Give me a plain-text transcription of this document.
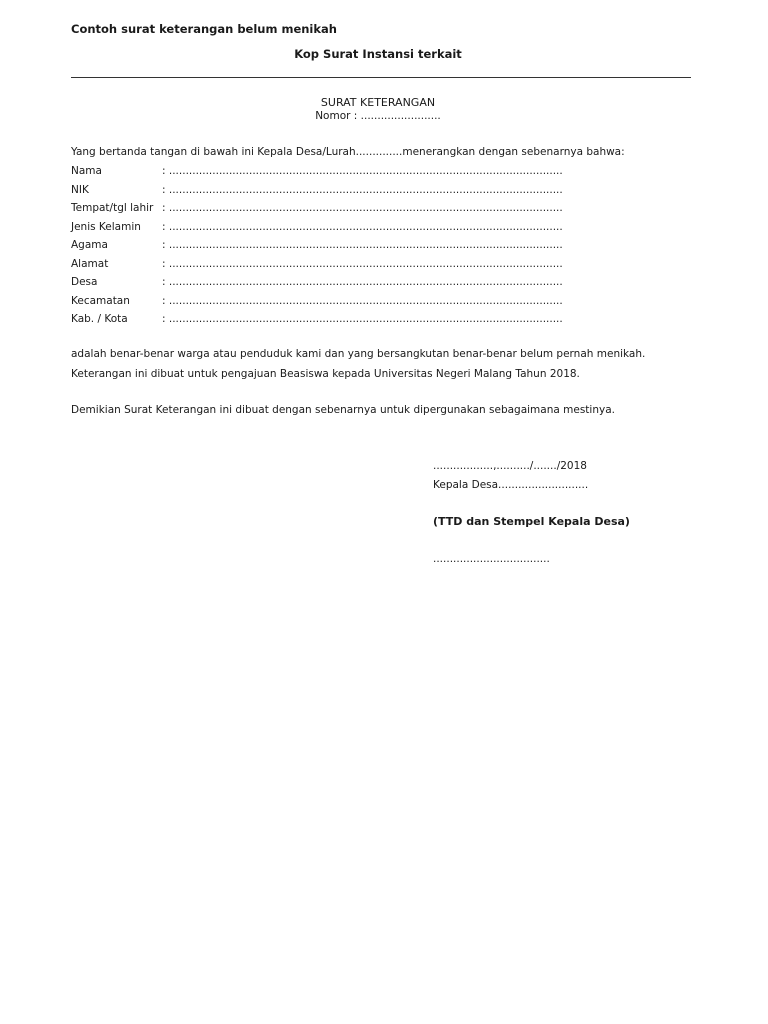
Contoh surat keterangan belum menikah
Kop Surat Instansi terkait
SURAT KETERANGAN
Nomor : ........................
Yang bertanda tangan di bawah ini Kepala Desa/Lurah..............menerangkan dengan sebenarnya bahwa:
Nama	: ......................................................................................................................
NIK	: ......................................................................................................................
Tempat/tgl lahir : ......................................................................................................................
Jenis Kelamin : ......................................................................................................................
Agama	: ......................................................................................................................
Alamat	: ......................................................................................................................
Desa	: ......................................................................................................................
Kecamatan	: ......................................................................................................................
Kab. / Kota	: ......................................................................................................................
adalah benar-benar warga atau penduduk kami dan yang bersangkutan benar-benar belum pernah menikah.
Keterangan ini dibuat untuk pengajuan Beasiswa kepada Universitas Negeri Malang Tahun 2018.
Demikian Surat Keterangan ini dibuat dengan sebenarnya untuk dipergunakan sebagaimana mestinya.
..................,........../......./2018
Kepala Desa...........................
(TTD dan Stempel Kepala Desa)
...................................
